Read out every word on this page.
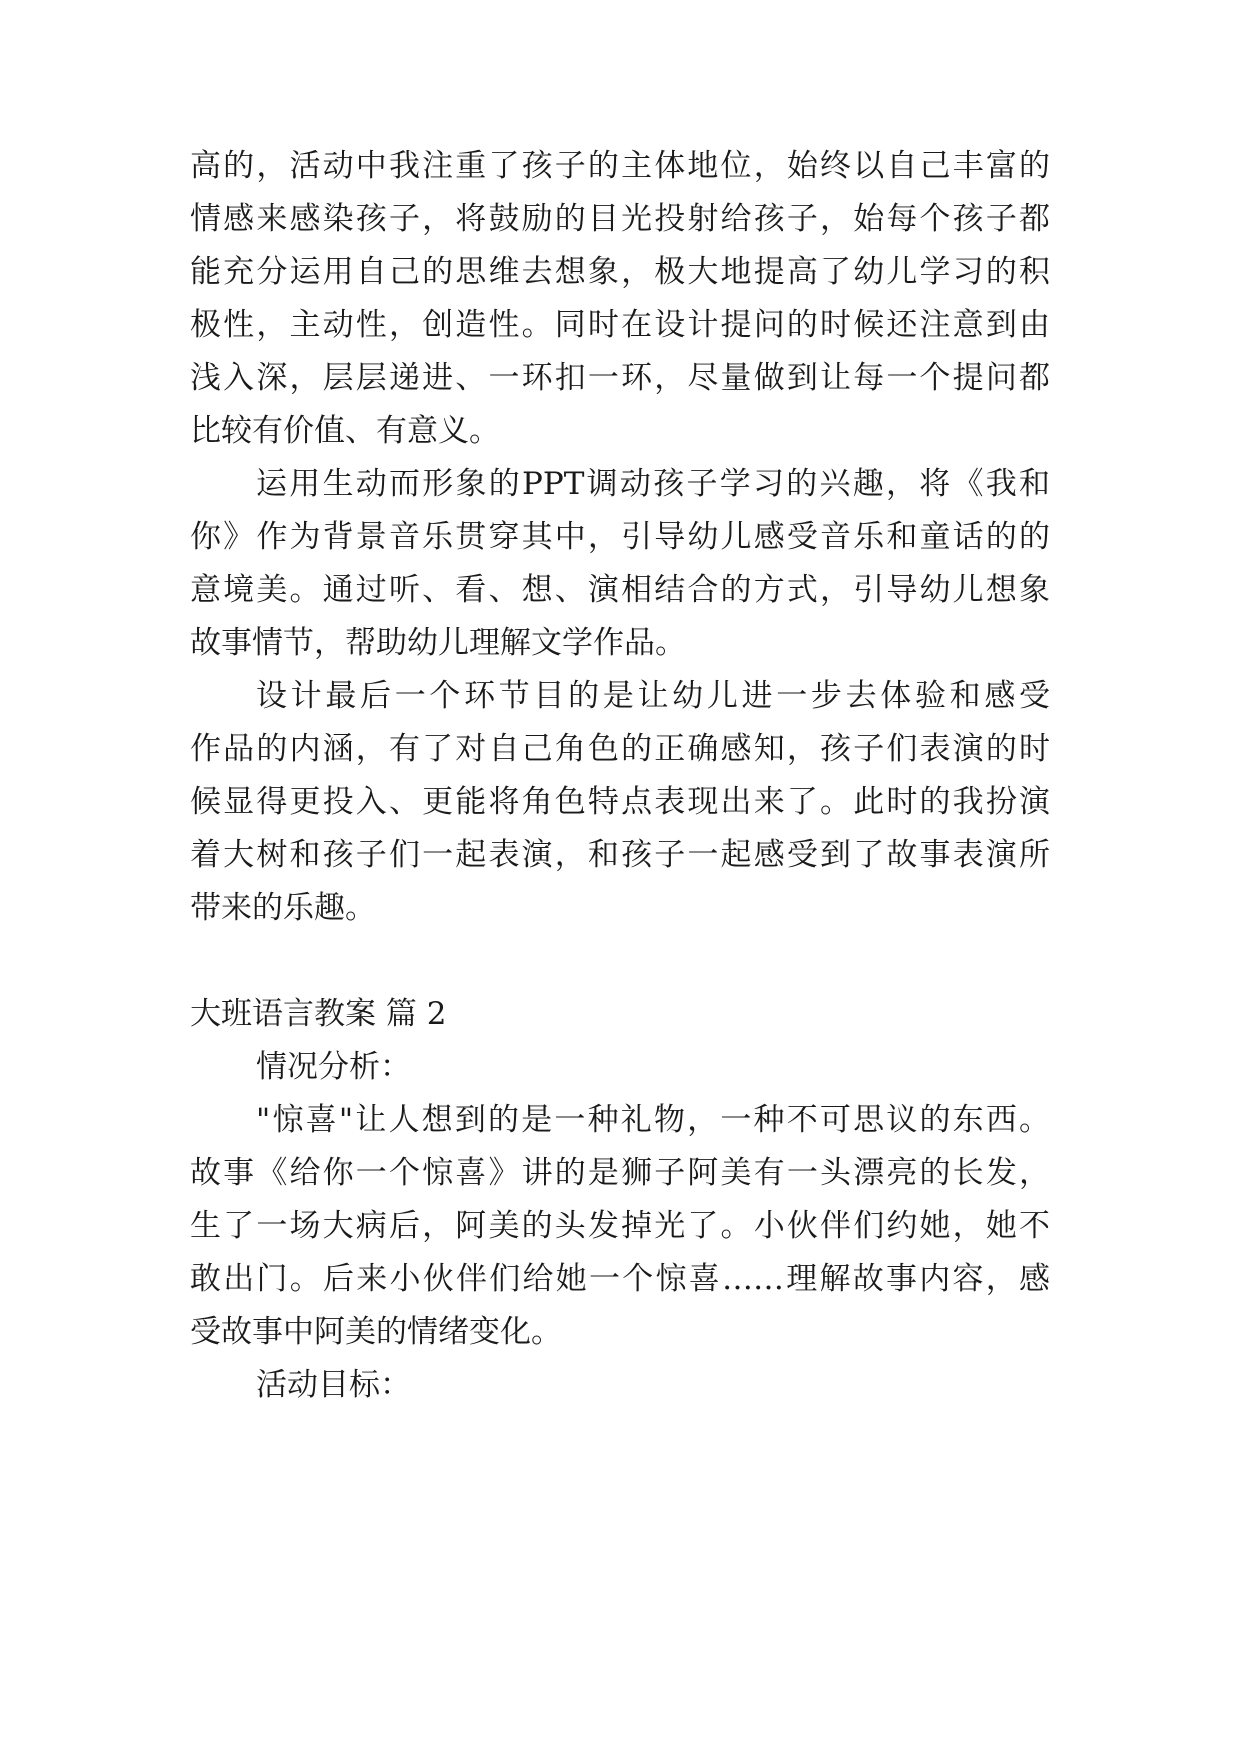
高的，活动中我注重了孩子的主体地位，始终以自己丰富的
情感来感染孩子，将鼓励的目光投射给孩子，始每个孩子都
能充分运用自己的思维去想象，极大地提高了幼儿学习的积
极性，主动性，创造性。同时在设计提问的时候还注意到由
浅入深，层层递进、一环扣一环，尽量做到让每一个提问都
比较有价值、有意义。
运用生动而形象的PPT调动孩子学习的兴趣，将《我和
你》作为背景音乐贯穿其中，引导幼儿感受音乐和童话的的
意境美。通过听、看、想、演相结合的方式，引导幼儿想象
故事情节，帮助幼儿理解文学作品。
设计最后一个环节目的是让幼儿进一步去体验和感受
作品的内涵，有了对自己角色的正确感知，孩子们表演的时
候显得更投入、更能将角色特点表现出来了。此时的我扮演
着大树和孩子们一起表演，和孩子一起感受到了故事表演所
带来的乐趣。
大班语言教案 篇 2
情况分析：
"惊喜"让人想到的是一种礼物，一种不可思议的东西。
故事《给你一个惊喜》讲的是狮子阿美有一头漂亮的长发，
生了一场大病后，阿美的头发掉光了。小伙伴们约她，她不
敢出门。后来小伙伴们给她一个惊喜……理解故事内容，感
受故事中阿美的情绪变化。
活动目标：
